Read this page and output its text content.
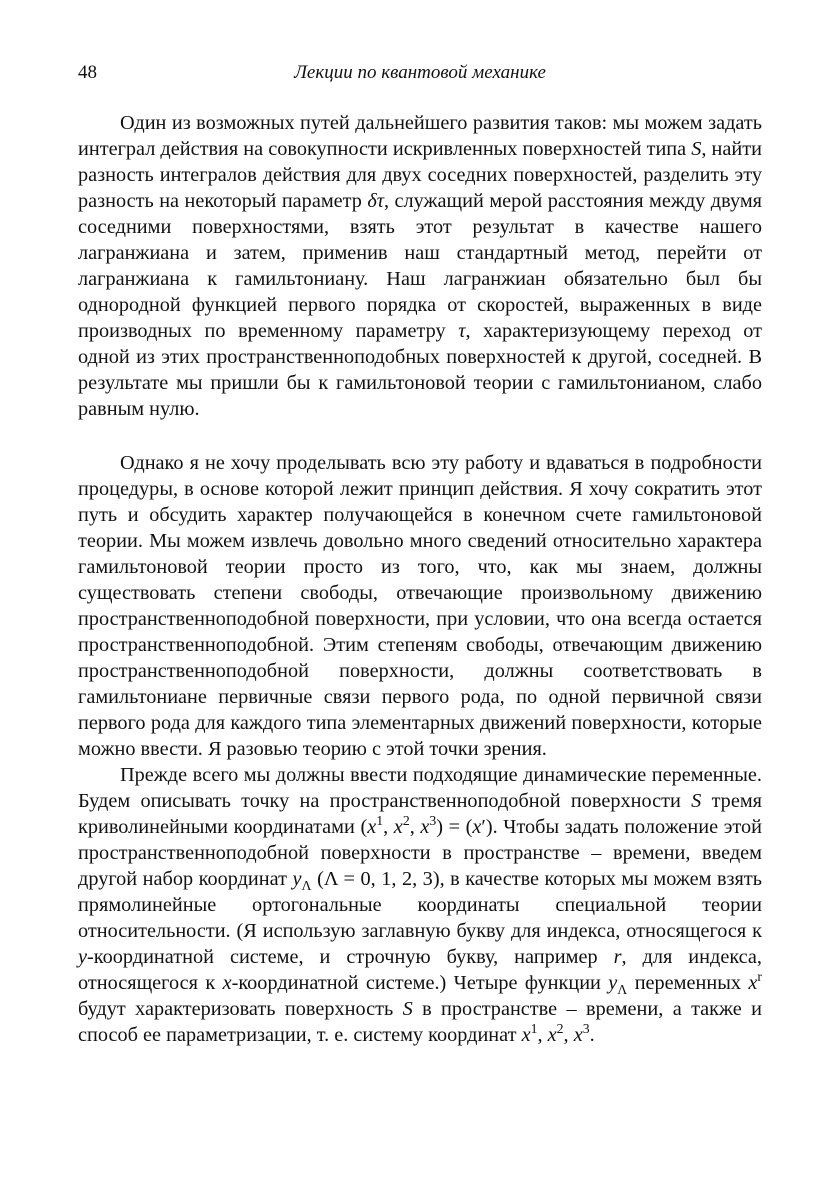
48	Лекции по квантовой механике

Один из возможных путей дальнейшего развития таков: мы можем задать интеграл действия на совокупности искривленных поверхностей типа S, найти разность интегралов действия для двух соседних поверхностей, разделить эту разность на некоторый параметр δτ, служащий мерой расстояния между двумя соседними поверхностями, взять этот результат в качестве нашего лагранжиана и затем, применив наш стандартный метод, перейти от лагранжиана к гамильтониану. Наш лагранжиан обязательно был бы однородной функцией первого порядка от скоростей, выраженных в виде производных по временному параметру τ, характеризующему переход от одной из этих пространственноподобных поверхностей к другой, соседней. В результате мы пришли бы к гамильтоновой теории с гамильтонианом, слабо равным нулю.

Однако я не хочу проделывать всю эту работу и вдаваться в подробности процедуры, в основе которой лежит принцип действия. Я хочу сократить этот путь и обсудить характер получающейся в конечном счете гамильтоновой теории. Мы можем извлечь довольно много сведений относительно характера гамильтоновой теории просто из того, что, как мы знаем, должны существовать степени свободы, отвечающие произвольному движению пространственноподобной поверхности, при условии, что она всегда остается пространственноподобной. Этим степеням свободы, отвечающим движению пространственноподобной поверхности, должны соответствовать в гамильтониане первичные связи первого рода, по одной первичной связи первого рода для каждого типа элементарных движений поверхности, которые можно ввести. Я разовью теорию с этой точки зрения.

Прежде всего мы должны ввести подходящие динамические переменные. Будем описывать точку на пространственноподобной поверхности S тремя криволинейными координатами ($x^1$, $x^2$, $x^3) = (x')$. Чтобы задать положение этой пространственноподобной поверхности в пространстве – времени, введем другой набор координат $y_\Lambda$ (Λ = 0, 1, 2, 3), в качестве которых мы можем взять прямолинейные ортогональные координаты специальной теории относительности. (Я использую заглавную букву для индекса, относящегося к y-координатной системе, и строчную букву, например r, для индекса, относящегося к x-координатной системе.) Четыре функции $y_\Lambda$ переменных $x^r$ будут характеризовать поверхность S в пространстве – времени, а также и способ ее параметризации, т. е. систему координат $x^1$, $x^2$, $x^3$.
